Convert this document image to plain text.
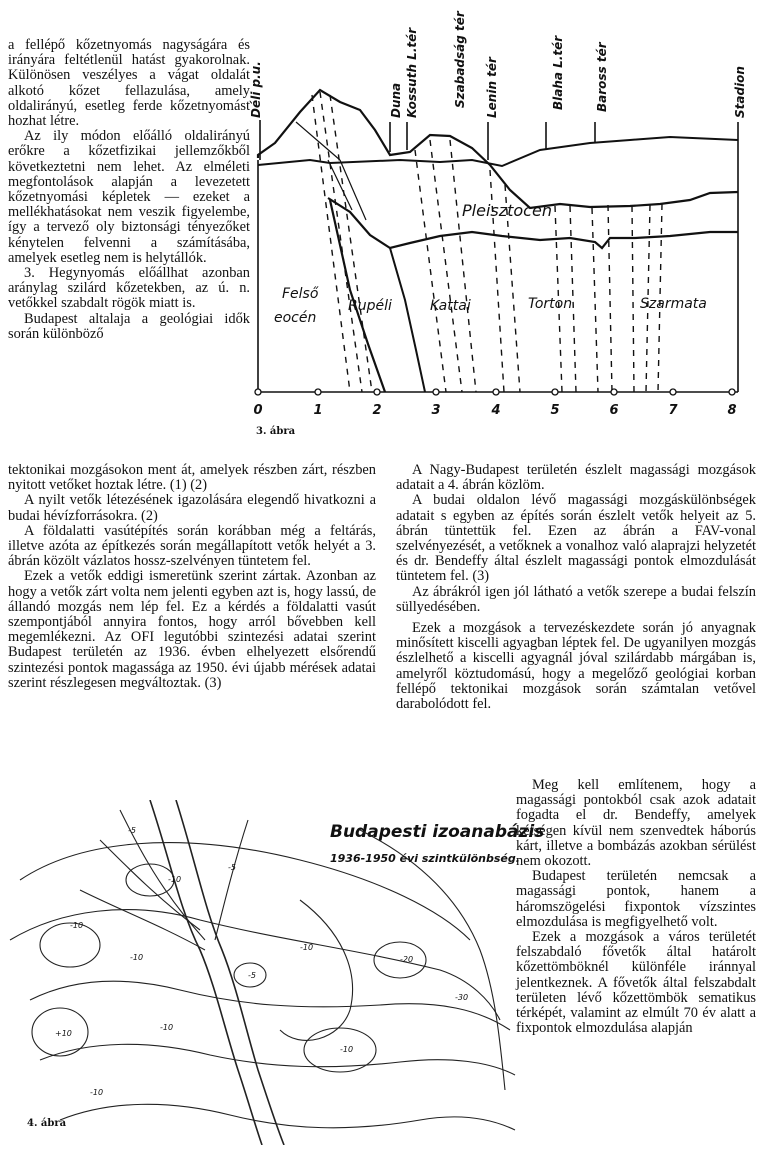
0	1	2	3	4	5	6	7	8
Déli p.u.	Duna Kossuth L.tér	Szabadság tér Lenin tér	Blaha L.tér	Baross tér	Stadion
Pleisztocen
Felső
eocén
Rupéli	Kattai	Torton	Szarmata
3. ábra

a fellépő kőzetnyomás nagyságára és irányára feltétlenül hatást gyakorolnak. Különösen veszélyes a vágat oldalát alkotó kőzet fellazulása, amely oldalirányú, esetleg ferde kőzetnyomást hozhat létre.

Az ily módon előálló oldalirányú erőkre a kőzetfizikai jellemzőkből következtetni nem lehet. Az elméleti megfontolások alapján a levezetett kőzetnyomási képletek — ezeket a mellékhatásokat nem veszik figyelembe, így a tervező oly biztonsági tényezőket kénytelen felvenni a számításába, amelyek esetleg nem is helytállók.

3. Hegynyomás előállhat azonban aránylag szilárd kőzetekben, az ú. n. vetőkkel szabdalt rögök miatt is.

Budapest altalaja a geológiai idők során különböző

tektonikai mozgásokon ment át, amelyek részben zárt, részben nyitott vetőket hoztak létre. (1) (2)

A nyilt vetők létezésének igazolására elegendő hivatkozni a budai hévízforrásokra. (2)

A földalatti vasútépítés során korábban még a feltárás, illetve azóta az építkezés során megállapított vetők helyét a 3. ábrán közölt vázlatos hossz-szelvényen tüntetem fel.

Ezek a vetők eddigi ismeretünk szerint zártak. Azonban az hogy a vetők zárt volta nem jelenti egyben azt is, hogy lassú, de állandó mozgás nem lép fel. Ez a kérdés a földalatti vasút szempontjából annyira fontos, hogy arról bővebben kell megemlékezni. Az OFI legutóbbi szintezési adatai szerint Budapest területén az 1936. évben elhelyezett elsőrendű szintezési pontok magassága az 1950. évi újabb mérések adatai szerint részlegesen megváltoztak. (3)

A Nagy-Budapest területén észlelt magassági mozgások adatait a 4. ábrán közlöm.

A budai oldalon lévő magassági mozgáskülönbségek adatait s egyben az építés során észlelt vetők helyeit az 5. ábrán tüntettük fel. Ezen az ábrán a FAV-vonal szelvényezését, a vetőknek a vonalhoz való alaprajzi helyzetét és dr. Bendeffy által észlelt magassági pontok elmozdulását tüntetem fel. (3)

Az ábrákról igen jól látható a vetők szerepe a budai felszín süllyedésében.

Ezek a mozgások a tervezéskezdete során jó anyagnak minősített kiscelli agyagban léptek fel. De ugyanilyen mozgás észlelhető a kiscelli agyagnál jóval szilárdabb márgában is, amelyről köztudomású, hogy a megelőző geológiai korban fellépő tektonikai mozgások során számtalan vetővel darabolódott fel.

Meg kell említenem, hogy a magassági pontokból csak azok adatait fogadta el dr. Bendeffy, amelyek kétségen kívül nem szenvedtek háborús kárt, illetve a bombázás azokban sérülést nem okozott.

Budapest területén nemcsak a magassági pontok, hanem a háromszögelési fixpontok vízszintes elmozdulása is megfigyelhető volt.

Ezek a mozgások a város területét felszabdaló fővetők által határolt kőzettömböknél különféle iránnyal jelentkeznek. A fővetők által felszabdalt területen lévő kőzettömbök sematikus térképét, valamint az elmúlt 70 év alatt a fixpontok elmozdulása alapján

Budapesti izoanabázis
1936-1950 évi szintkülönbség.
-5
-10
-10
-10
-5
-10
-20
-30
-10
-10
-5
-10
+10
4. ábra
